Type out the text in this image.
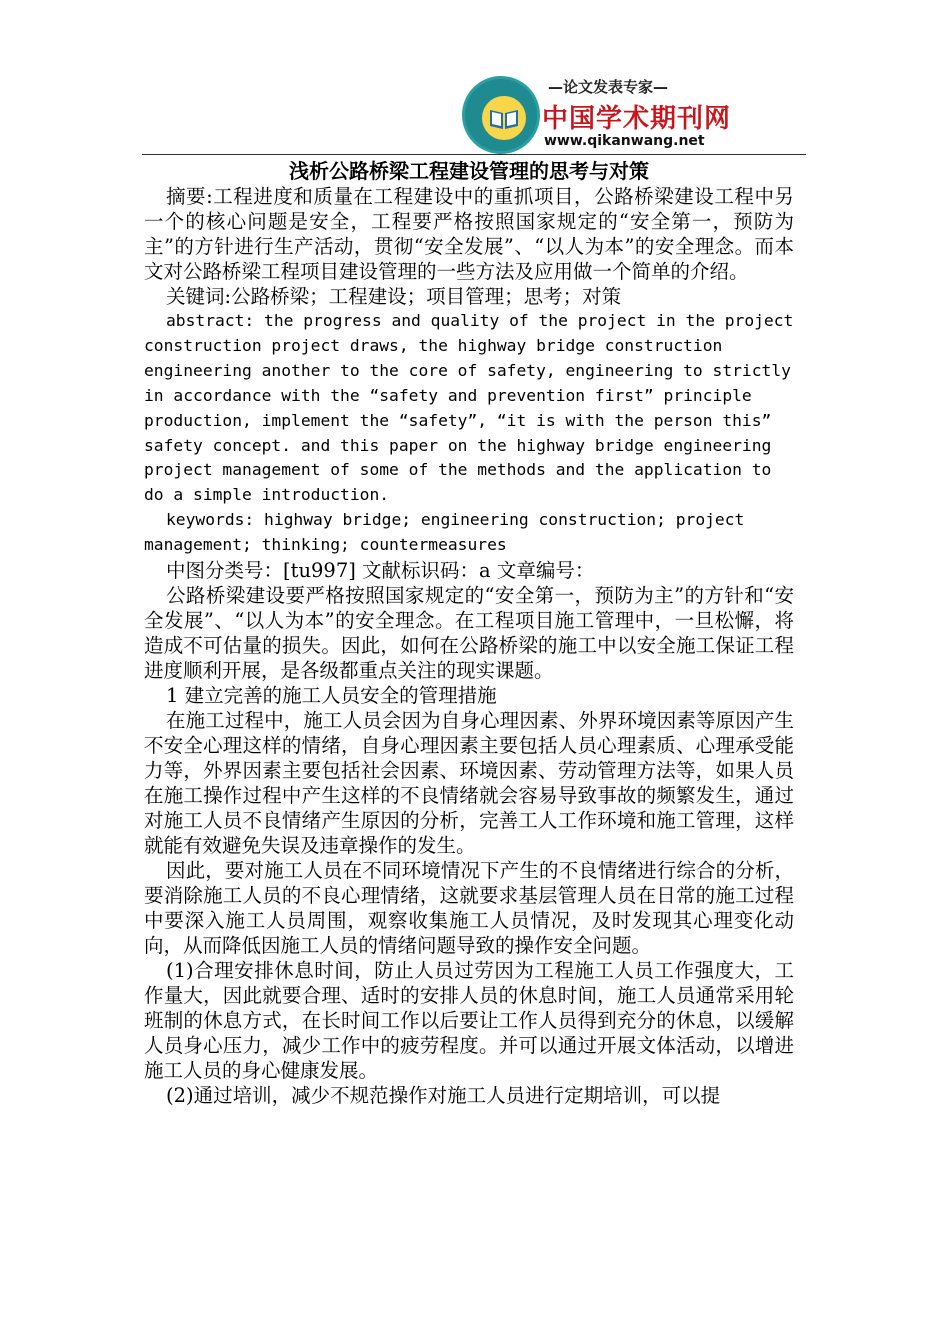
—论文发表专家—
中国学术期刊网
www.qikanwang.net
浅析公路桥梁工程建设管理的思考与对策

摘要:工程进度和质量在工程建设中的重抓项目，公路桥梁建设工程中另一个的核心问题是安全，工程要严格按照国家规定的“安全第一，预防为主”的方针进行生产活动，贯彻“安全发展”、“以人为本”的安全理念。而本文对公路桥梁工程项目建设管理的一些方法及应用做一个简单的介绍。

关键词:公路桥梁；工程建设；项目管理；思考；对策

abstract: the progress and quality of the project in the project construction project draws, the highway bridge construction engineering another to the core of safety, engineering to strictly in accordance with the “safety and prevention first” principle production, implement the “safety”, “it is with the person this” safety concept. and this paper on the highway bridge engineering project management of some of the methods and the application to do a simple introduction.

keywords: highway bridge; engineering construction; project management; thinking; countermeasures

中图分类号：[tu997] 文献标识码：a 文章编号：

公路桥梁建设要严格按照国家规定的“安全第一，预防为主”的方针和“安全发展”、“以人为本”的安全理念。在工程项目施工管理中，一旦松懈，将造成不可估量的损失。因此，如何在公路桥梁的施工中以安全施工保证工程进度顺利开展，是各级都重点关注的现实课题。

1 建立完善的施工人员安全的管理措施

在施工过程中，施工人员会因为自身心理因素、外界环境因素等原因产生不安全心理这样的情绪，自身心理因素主要包括人员心理素质、心理承受能力等，外界因素主要包括社会因素、环境因素、劳动管理方法等，如果人员在施工操作过程中产生这样的不良情绪就会容易导致事故的频繁发生，通过对施工人员不良情绪产生原因的分析，完善工人工作环境和施工管理，这样就能有效避免失误及违章操作的发生。

因此，要对施工人员在不同环境情况下产生的不良情绪进行综合的分析，要消除施工人员的不良心理情绪，这就要求基层管理人员在日常的施工过程中要深入施工人员周围，观察收集施工人员情况，及时发现其心理变化动向，从而降低因施工人员的情绪问题导致的操作安全问题。

(1)合理安排休息时间，防止人员过劳因为工程施工人员工作强度大，工作量大，因此就要合理、适时的安排人员的休息时间，施工人员通常采用轮班制的休息方式，在长时间工作以后要让工作人员得到充分的休息，以缓解人员身心压力，减少工作中的疲劳程度。并可以通过开展文体活动，以增进施工人员的身心健康发展。

(2)通过培训，减少不规范操作对施工人员进行定期培训，可以提
